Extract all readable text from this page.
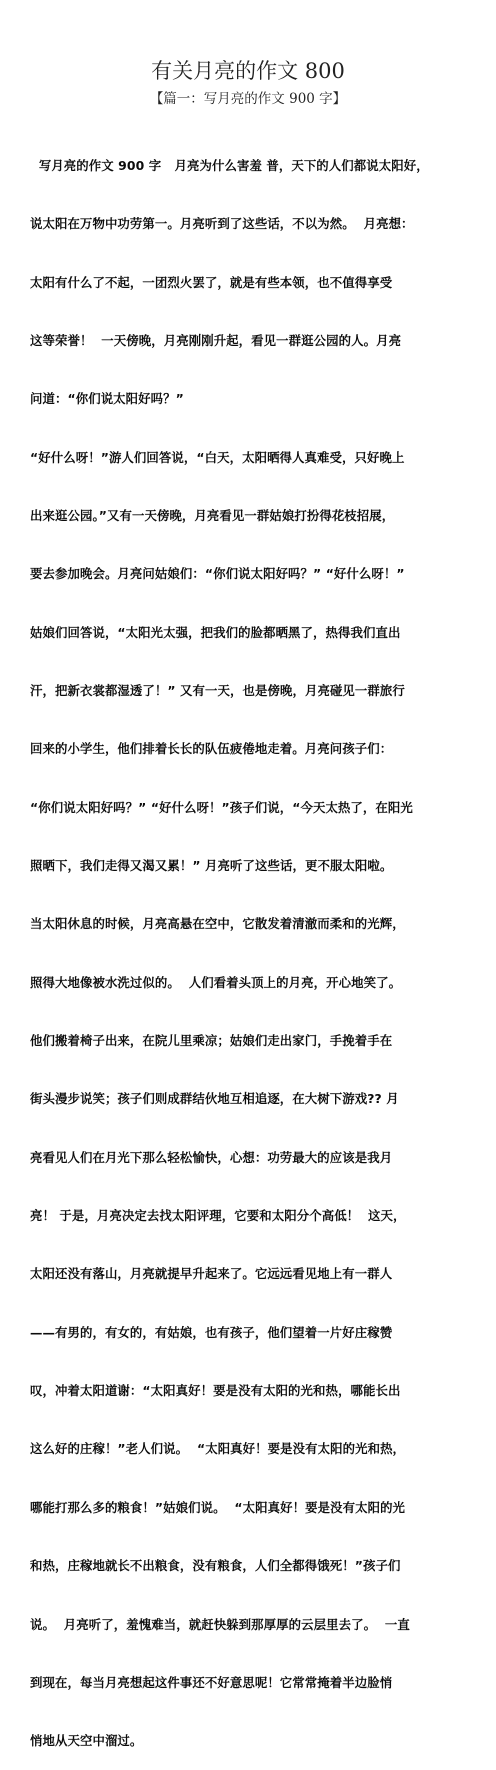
有关月亮的作文 800
【篇一：写月亮的作文 900 字】

写月亮的作文 900 字   月亮为什么害羞 普，天下的人们都说太阳好，

说太阳在万物中功劳第一。月亮听到了这些话，不以为然。  月亮想：

太阳有什么了不起，一团烈火罢了，就是有些本领，也不值得享受

这等荣誉！  一天傍晚，月亮刚刚升起，看见一群逛公园的人。月亮

问道：“你们说太阳好吗？”

“好什么呀！”游人们回答说，“白天，太阳晒得人真难受，只好晚上

出来逛公园。”又有一天傍晚，月亮看见一群姑娘打扮得花枝招展，

要去参加晚会。月亮问姑娘们：“你们说太阳好吗？” “好什么呀！”

姑娘们回答说，“太阳光太强，把我们的脸都晒黑了，热得我们直出

汗，把新衣裳都湿透了！” 又有一天，也是傍晚，月亮碰见一群旅行

回来的小学生，他们排着长长的队伍疲倦地走着。月亮问孩子们：

“你们说太阳好吗？” “好什么呀！”孩子们说，“今天太热了，在阳光

照晒下，我们走得又渴又累！” 月亮听了这些话，更不服太阳啦。

当太阳休息的时候，月亮高悬在空中，它散发着清澈而柔和的光辉，

照得大地像被水洗过似的。  人们看着头顶上的月亮，开心地笑了。

他们搬着椅子出来，在院儿里乘凉；姑娘们走出家门，手挽着手在

街头漫步说笑；孩子们则成群结伙地互相追逐，在大树下游戏?? 月

亮看见人们在月光下那么轻松愉快，心想：功劳最大的应该是我月

亮！ 于是，月亮决定去找太阳评理，它要和太阳分个高低！  这天，

太阳还没有落山，月亮就提早升起来了。它远远看见地上有一群人

——有男的，有女的，有姑娘，也有孩子，他们望着一片好庄稼赞

叹，冲着太阳道谢：“太阳真好！要是没有太阳的光和热，哪能长出

这么好的庄稼！”老人们说。  “太阳真好！要是没有太阳的光和热，

哪能打那么多的粮食！”姑娘们说。  “太阳真好！要是没有太阳的光

和热，庄稼地就长不出粮食，没有粮食，人们全都得饿死！”孩子们

说。  月亮听了，羞愧难当，就赶快躲到那厚厚的云层里去了。  一直

到现在，每当月亮想起这件事还不好意思呢！它常常掩着半边脸悄

悄地从天空中溜过。
